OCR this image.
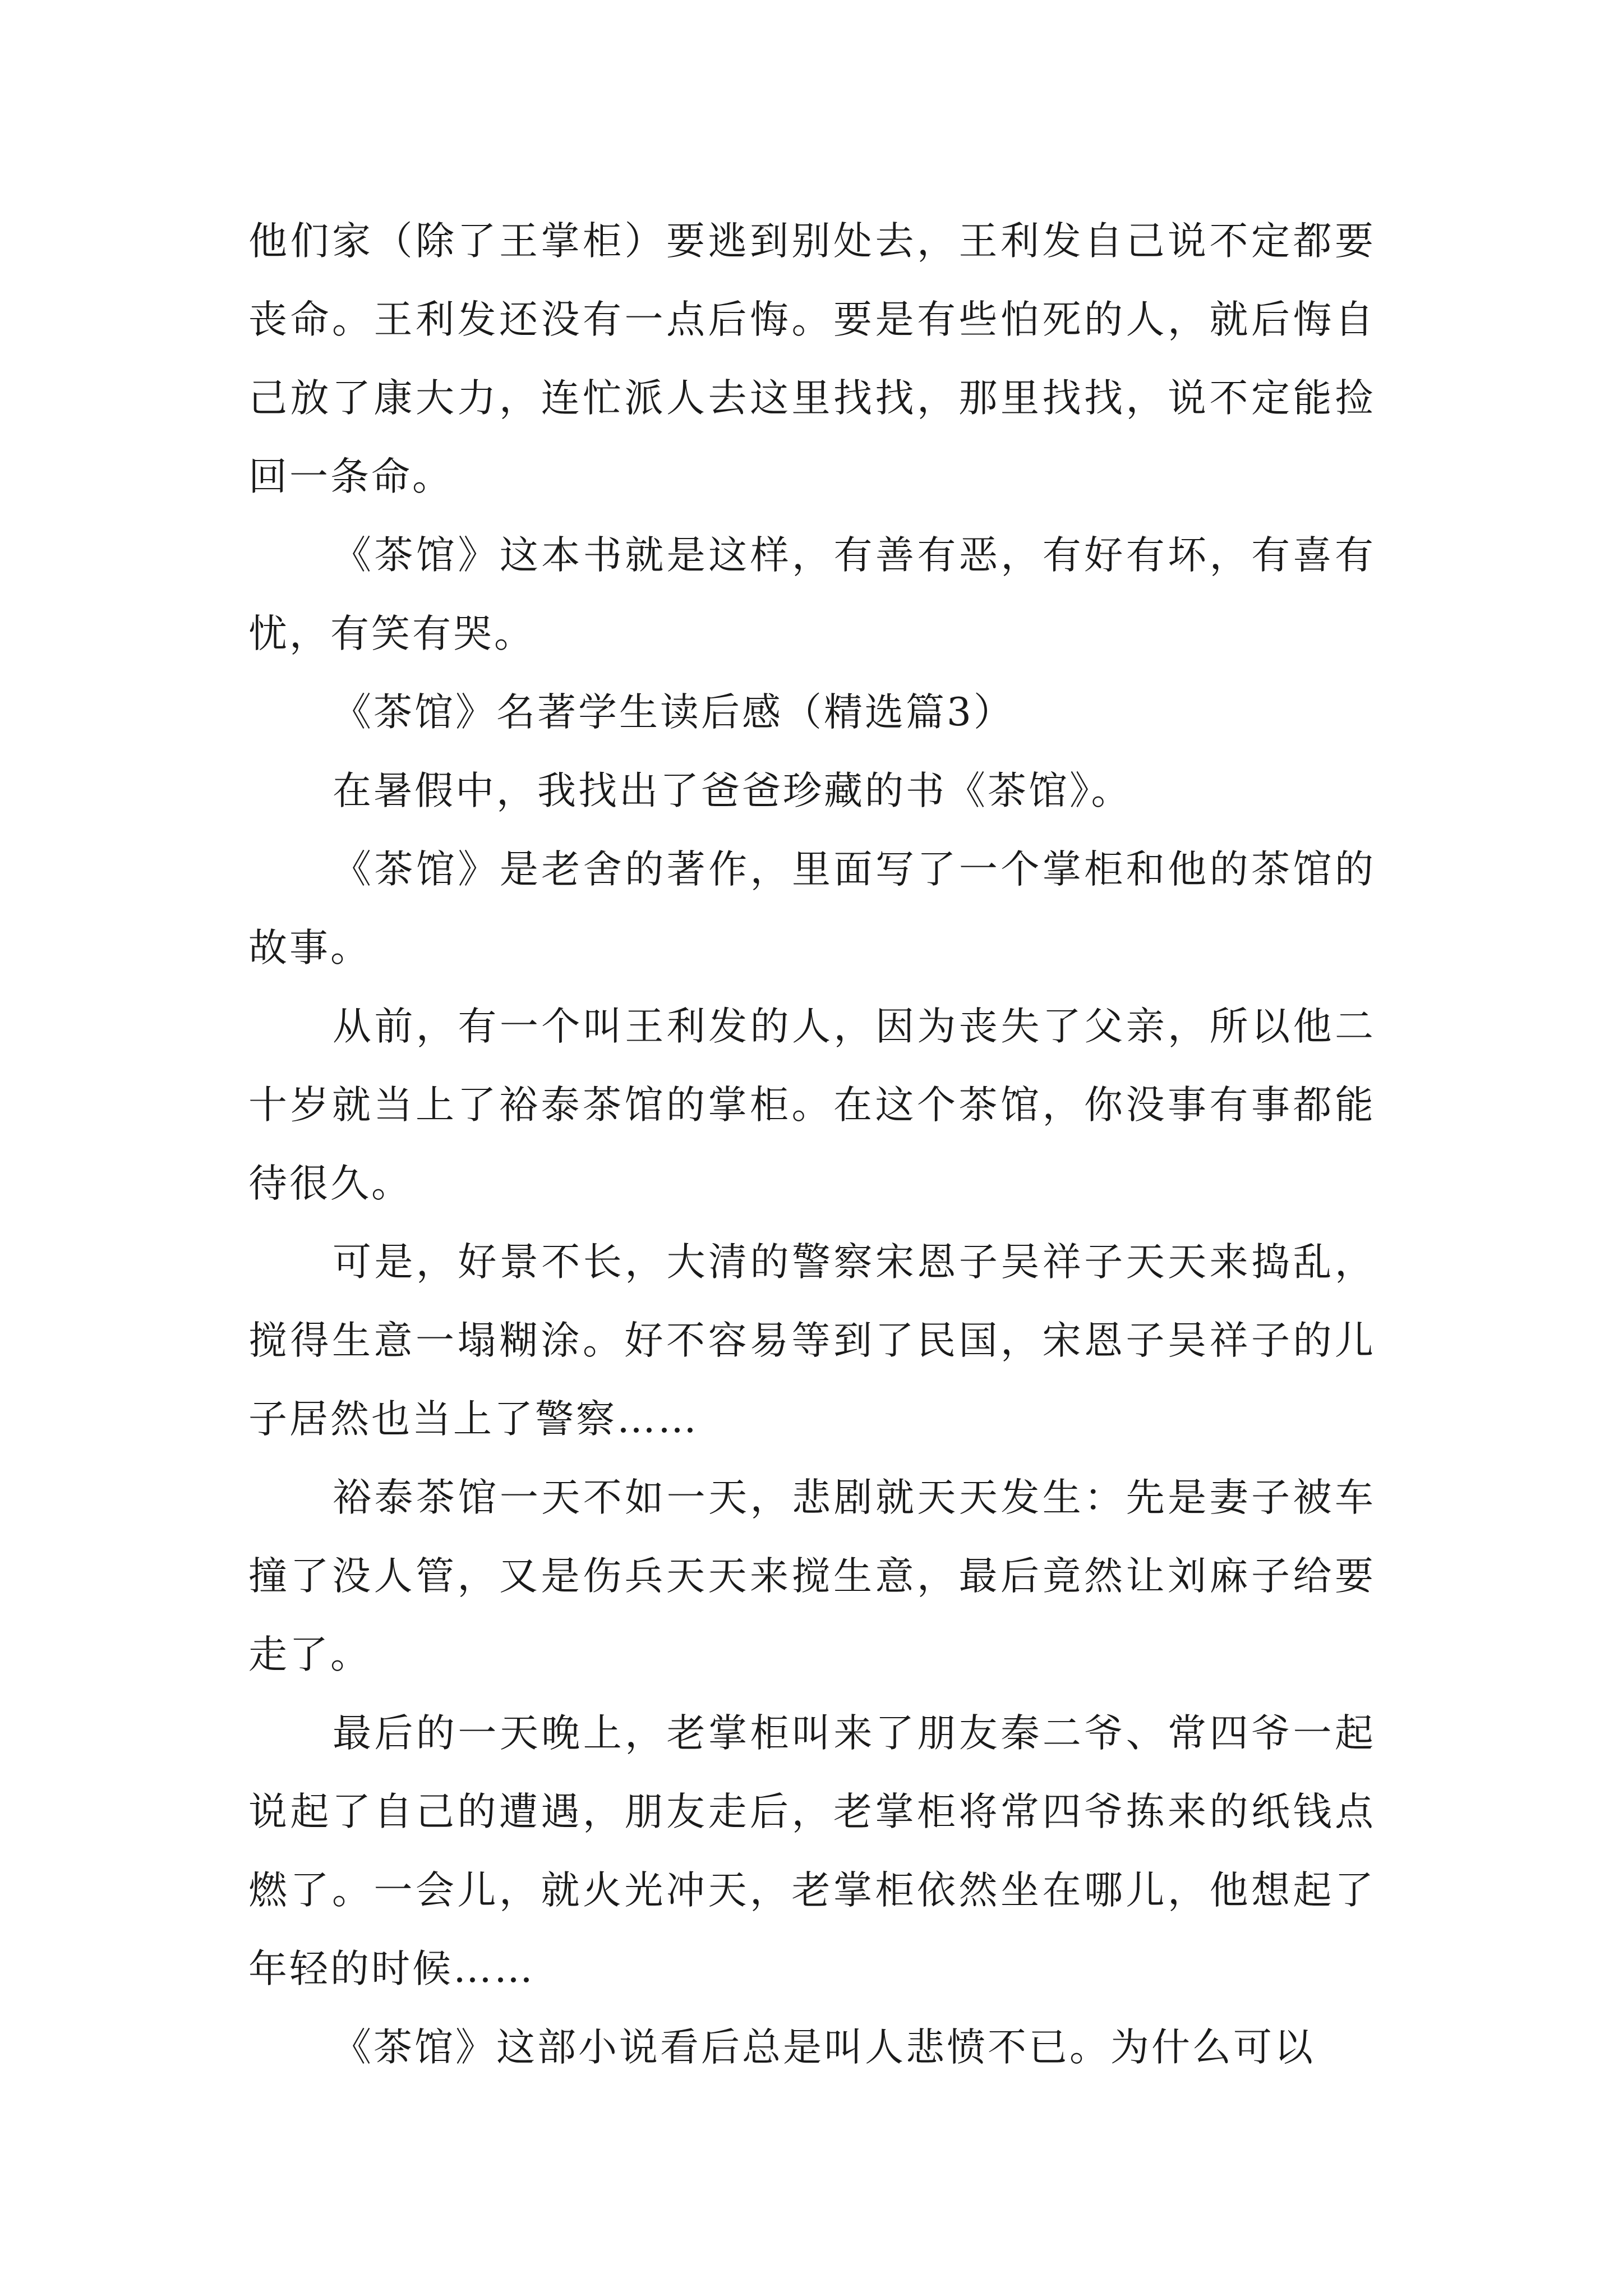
他们家（除了王掌柜）要逃到别处去，王利发自己说不定都要丧命。王利发还没有一点后悔。要是有些怕死的人，就后悔自己放了康大力，连忙派人去这里找找，那里找找，说不定能捡回一条命。

《茶馆》这本书就是这样，有善有恶，有好有坏，有喜有忧，有笑有哭。

《茶馆》名著学生读后感（精选篇3）

在暑假中，我找出了爸爸珍藏的书《茶馆》。

《茶馆》是老舍的著作，里面写了一个掌柜和他的茶馆的故事。

从前，有一个叫王利发的人，因为丧失了父亲，所以他二十岁就当上了裕泰茶馆的掌柜。在这个茶馆，你没事有事都能待很久。

可是，好景不长，大清的警察宋恩子吴祥子天天来捣乱，搅得生意一塌糊涂。好不容易等到了民国，宋恩子吴祥子的儿子居然也当上了警察……

裕泰茶馆一天不如一天，悲剧就天天发生：先是妻子被车撞了没人管，又是伤兵天天来搅生意，最后竟然让刘麻子给要走了。

最后的一天晚上，老掌柜叫来了朋友秦二爷、常四爷一起说起了自己的遭遇，朋友走后，老掌柜将常四爷拣来的纸钱点燃了。一会儿，就火光冲天，老掌柜依然坐在哪儿，他想起了年轻的时候……

《茶馆》这部小说看后总是叫人悲愤不已。为什么可以
